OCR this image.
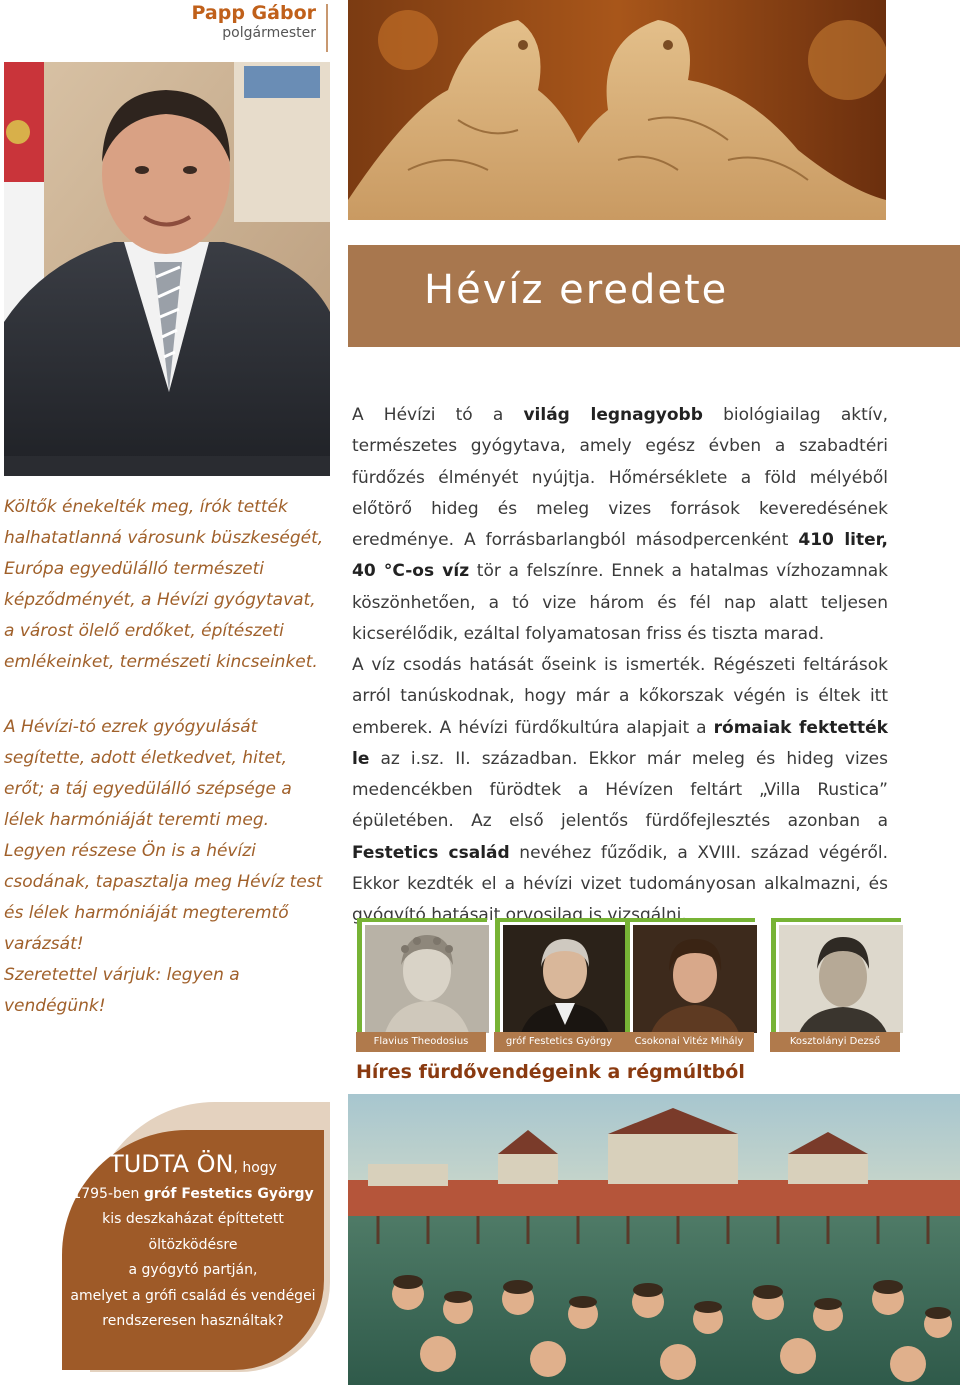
Papp Gábor
polgármester
Hévíz eredete

Költők énekelték meg, írók tették halhatatlanná városunk büszkeségét, Európa egyedülálló természeti képződményét, a Hévízi gyógytavat, a várost ölelő erdőket, építészeti emlékeinket, természeti kincseinket.

A Hévízi-tó ezrek gyógyulását segítette, adott életkedvet, hitet, erőt; a táj egyedülálló szépsége a lélek harmóniáját teremti meg. Legyen részese Ön is a hévízi csodának, tapasztalja meg Hévíz test és lélek harmóniáját megteremtő varázsát!
Szeretettel várjuk: legyen a vendégünk!

A Hévízi tó a világ legnagyobb biológiailag aktív, természetes gyógytava, amely egész évben a szabadtéri fürdőzés élményét nyújtja. Hőmérséklete a föld mélyéből előtörő hideg és meleg vizes források keveredésének eredménye. A forrásbarlangból másodpercenként 410 liter, 40 °C-os víz tör a felszínre. Ennek a hatalmas vízhozamnak köszönhetően, a tó vize három és fél nap alatt teljesen kicserélődik, ezáltal folyamatosan friss és tiszta marad.

A víz csodás hatását őseink is ismerték. Régészeti feltárások arról tanúskodnak, hogy már a kőkorszak végén is éltek itt emberek. A hévízi fürdőkultúra alapjait a rómaiak fektették le az i.sz. II. században. Ekkor már meleg és hideg vizes medencékben fürödtek a Hévízen feltárt „Villa Rustica” épületében. Az első jelentős fürdőfejlesztés azonban a Festetics család nevéhez fűződik, a XVIII. század végéről. Ekkor kezdték el a hévízi vizet tudományosan alkalmazni, és gyógyító hatásait orvosilag is vizsgálni.

Flavius Theodosius	gróf Festetics György	Csokonai Vitéz Mihály	Kosztolányi Dezső
Híres fürdővendégeink a régmúltból
TUDTA ÖN, hogy
1795-ben gróf Festetics György
kis deszkaházat építtetett öltözködésre
a gyógytó partján,
amelyet a grófi család és vendégei
rendszeresen használtak?
